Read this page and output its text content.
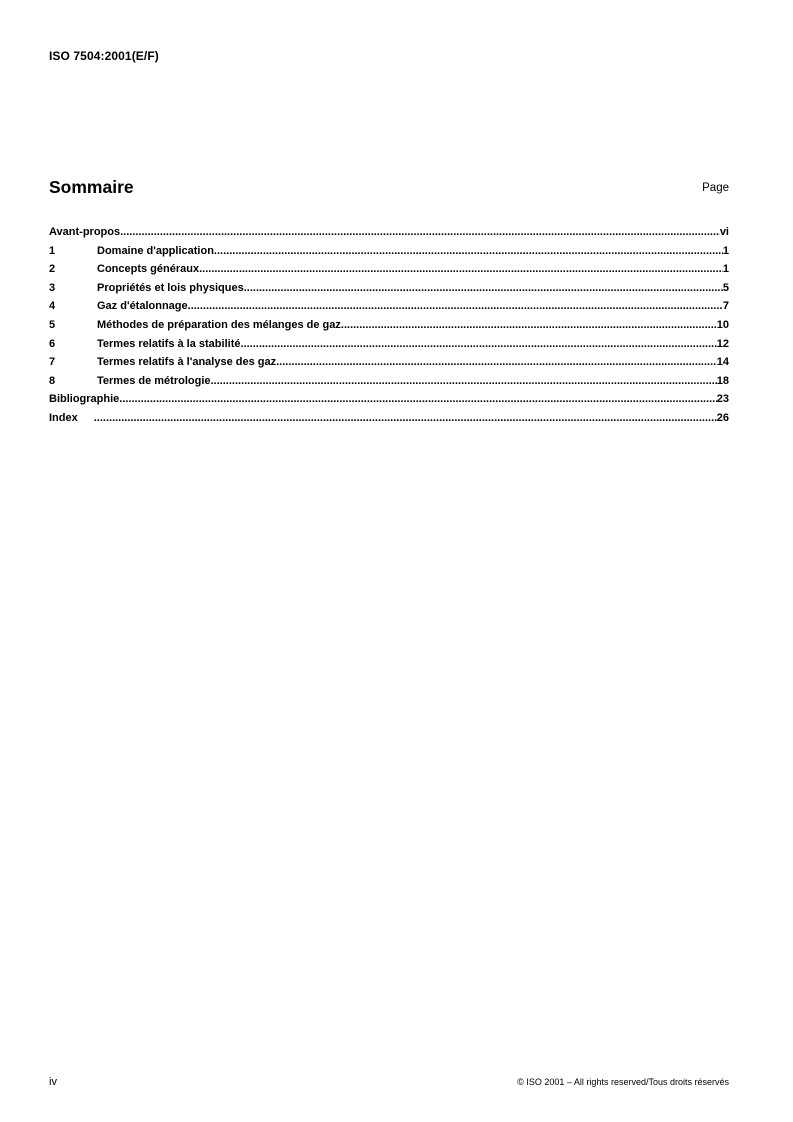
ISO 7504:2001(E/F)
Sommaire	Page
Avant-propos .....	vi
1	Domaine d'application .....	1
2	Concepts généraux .....	1
3	Propriétés et lois physiques .....	5
4	Gaz d'étalonnage .....	7
5	Méthodes de préparation des mélanges de gaz .....	10
6	Termes relatifs à la stabilité .....	12
7	Termes relatifs à l'analyse des gaz .....	14
8	Termes de métrologie .....	18
Bibliographie .....	23
Index .....	26
iv	© ISO 2001 – All rights reserved/Tous droits réservés
